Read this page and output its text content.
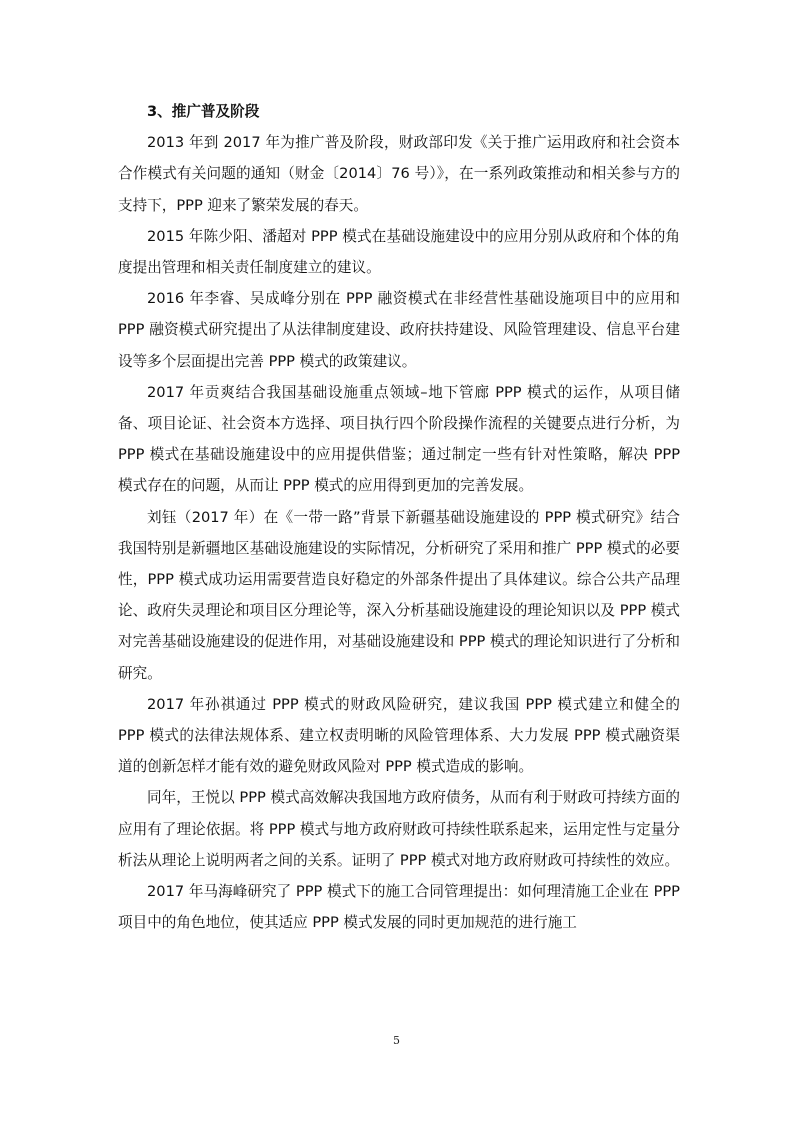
3、推广普及阶段

2013 年到 2017 年为推广普及阶段，财政部印发《关于推广运用政府和社会资本合作模式有关问题的通知（财金〔2014〕76 号）》，在一系列政策推动和相关参与方的支持下，PPP 迎来了繁荣发展的春天。

2015 年陈少阳、潘超对 PPP 模式在基础设施建设中的应用分别从政府和个体的角度提出管理和相关责任制度建立的建议。

2016 年李睿、吴成峰分别在 PPP 融资模式在非经营性基础设施项目中的应用和 PPP 融资模式研究提出了从法律制度建设、政府扶持建设、风险管理建设、信息平台建设等多个层面提出完善 PPP 模式的政策建议。

2017 年贡爽结合我国基础设施重点领域–地下管廊 PPP 模式的运作，从项目储备、项目论证、社会资本方选择、项目执行四个阶段操作流程的关键要点进行分析，为 PPP 模式在基础设施建设中的应用提供借鉴；通过制定一些有针对性策略，解决 PPP 模式存在的问题，从而让 PPP 模式的应用得到更加的完善发展。

刘钰（2017 年）在《一带一路”背景下新疆基础设施建设的 PPP 模式研究》结合我国特别是新疆地区基础设施建设的实际情况，分析研究了采用和推广 PPP 模式的必要性，PPP 模式成功运用需要营造良好稳定的外部条件提出了具体建议。综合公共产品理论、政府失灵理论和项目区分理论等，深入分析基础设施建设的理论知识以及 PPP 模式对完善基础设施建设的促进作用，对基础设施建设和 PPP 模式的理论知识进行了分析和研究。

2017 年孙祺通过 PPP 模式的财政风险研究，建议我国 PPP 模式建立和健全的 PPP 模式的法律法规体系、建立权责明晰的风险管理体系、大力发展 PPP 模式融资渠道的创新怎样才能有效的避免财政风险对 PPP 模式造成的影响。

同年，王悦以 PPP 模式高效解决我国地方政府债务，从而有利于财政可持续方面的应用有了理论依据。将 PPP 模式与地方政府财政可持续性联系起来，运用定性与定量分析法从理论上说明两者之间的关系。证明了 PPP 模式对地方政府财政可持续性的效应。

2017 年马海峰研究了 PPP 模式下的施工合同管理提出：如何理清施工企业在 PPP 项目中的角色地位，使其适应 PPP 模式发展的同时更加规范的进行施工

5
